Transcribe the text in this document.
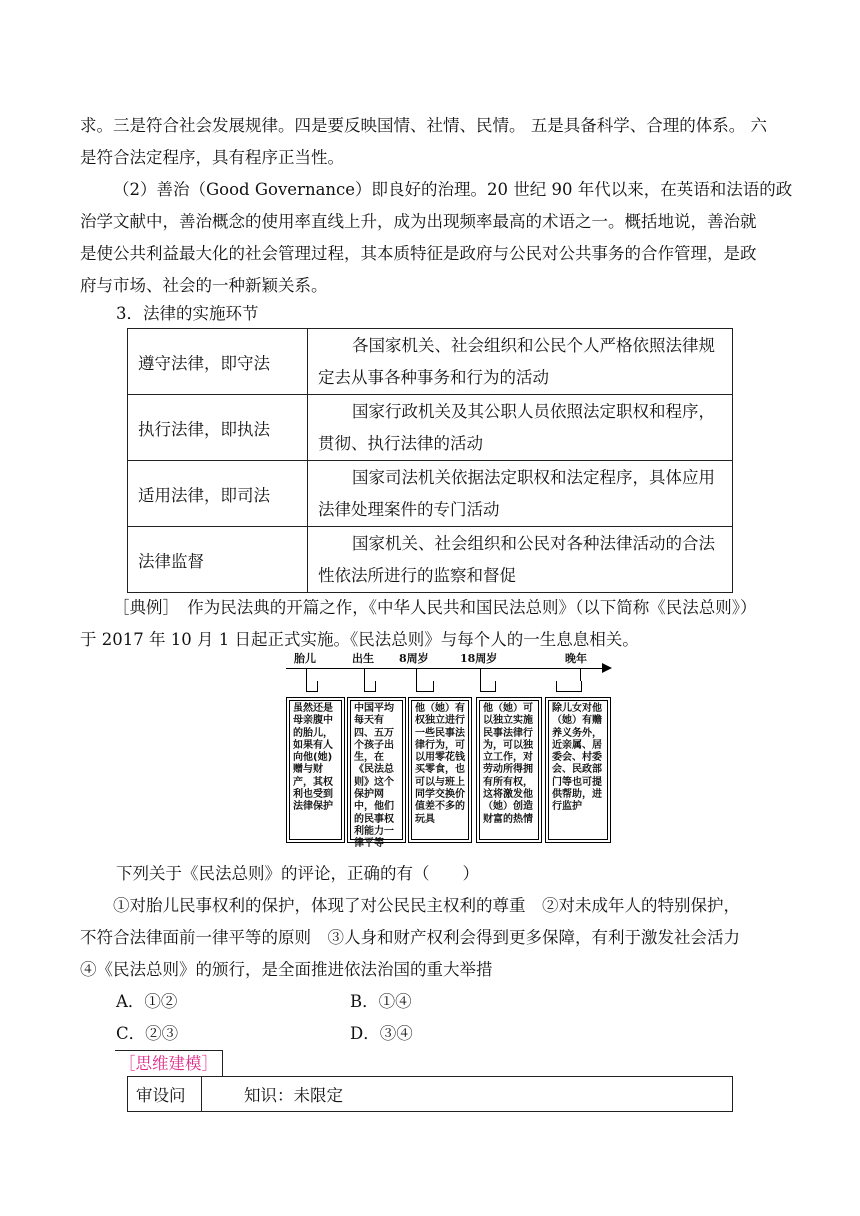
求。三是符合社会发展规律。四是要反映国情、社情、民情。 五是具备科学、合理的体系。 六
是符合法定程序，具有程序正当性。
（2）善治（Good Governance）即良好的治理。20 世纪 90 年代以来，在英语和法语的政
治学文献中，善治概念的使用率直线上升，成为出现频率最高的术语之一。概括地说，善治就
是使公共利益最大化的社会管理过程，其本质特征是政府与公民对公共事务的合作管理，是政
府与市场、社会的一种新颖关系。
3．法律的实施环节
遵守法律，即守法	各国家机关、社会组织和公民个人严格依照法律规
定去从事各种事务和行为的活动
执行法律，即执法	国家行政机关及其公职人员依照法定职权和程序，
贯彻、执行法律的活动
适用法律，即司法	国家司法机关依据法定职权和法定程序，具体应用
法律处理案件的专门活动
法律监督	国家机关、社会组织和公民对各种法律活动的合法
性依法所进行的监察和督促
［典例］　作为民法典的开篇之作，《中华人民共和国民法总则》（以下简称《民法总则》）
于 2017 年 10 月 1 日起正式实施。《民法总则》与每个人的一生息息相关。
胎儿	出生 8周岁	18周岁	晚年
虽然还是母亲腹中的胎儿，如果有人向他(她)赠与财产，其权利也受到法律保护
中国平均每天有四、五万个孩子出生，在《民法总则》这个保护网中，他们的民事权利能力一律平等
他（她）有权独立进行一些民事法律行为，可以用零花钱买零食，也可以与班上同学交换价值差不多的玩具
他（她）可以独立实施民事法律行为，可以独立工作，对劳动所得拥有所有权，这将激发他（她）创造财富的热情
除儿女对他（她）有赡养义务外，近亲属、居委会、村委会、民政部门等也可提供帮助，进行监护
下列关于《民法总则》的评论，正确的有（　　）
①对胎儿民事权利的保护，体现了对公民民主权利的尊重　②对未成年人的特别保护，
不符合法律面前一律平等的原则　③人身和财产权利会得到更多保障，有利于激发社会活力
④《民法总则》的颁行，是全面推进依法治国的重大举措
A．①②	B．①④
C．②③	D．③④
［思维建模］
审设问	知识：未限定
